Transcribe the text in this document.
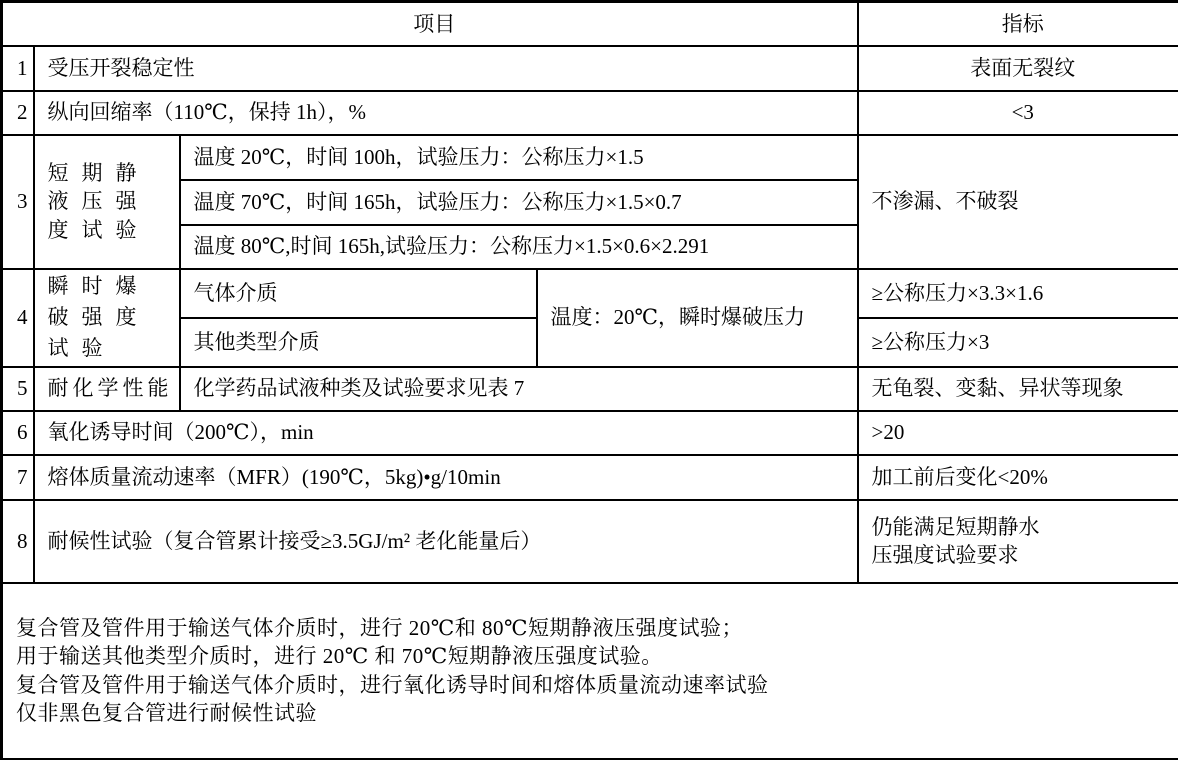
项目				指标
1	受压开裂稳定性			表面无裂纹
2	纵向回缩率（110℃，保持 1h），%			<3
3	短期静
液压强
度试验	温度 20℃，时间 100h，试验压力：公称压力×1.5		不渗漏、不破裂
		温度 70℃，时间 165h，试验压力：公称压力×1.5×0.7		
		温度 80℃,时间 165h,试验压力：公称压力×1.5×0.6×2.291		
4	瞬时爆
破强度
试验	气体介质	温度：20℃，瞬时爆破压力	≥公称压力×3.3×1.6
		其他类型介质		≥公称压力×3
5	耐化学性能	化学药品试液种类及试验要求见表 7		无龟裂、变黏、异状等现象
6	氧化诱导时间（200℃），min			>20
7	熔体质量流动速率（MFR）(190℃，5kg)•g/10min			加工前后变化<20%
8	耐候性试验（复合管累计接受≥3.5GJ/m² 老化能量后）			仍能满足短期静水
压强度试验要求

复合管及管件用于输送气体介质时，进行 20℃和 80℃短期静液压强度试验；
用于输送其他类型介质时，进行 20℃ 和 70℃短期静液压强度试验。
复合管及管件用于输送气体介质时，进行氧化诱导时间和熔体质量流动速率试验
仅非黑色复合管进行耐候性试验				
